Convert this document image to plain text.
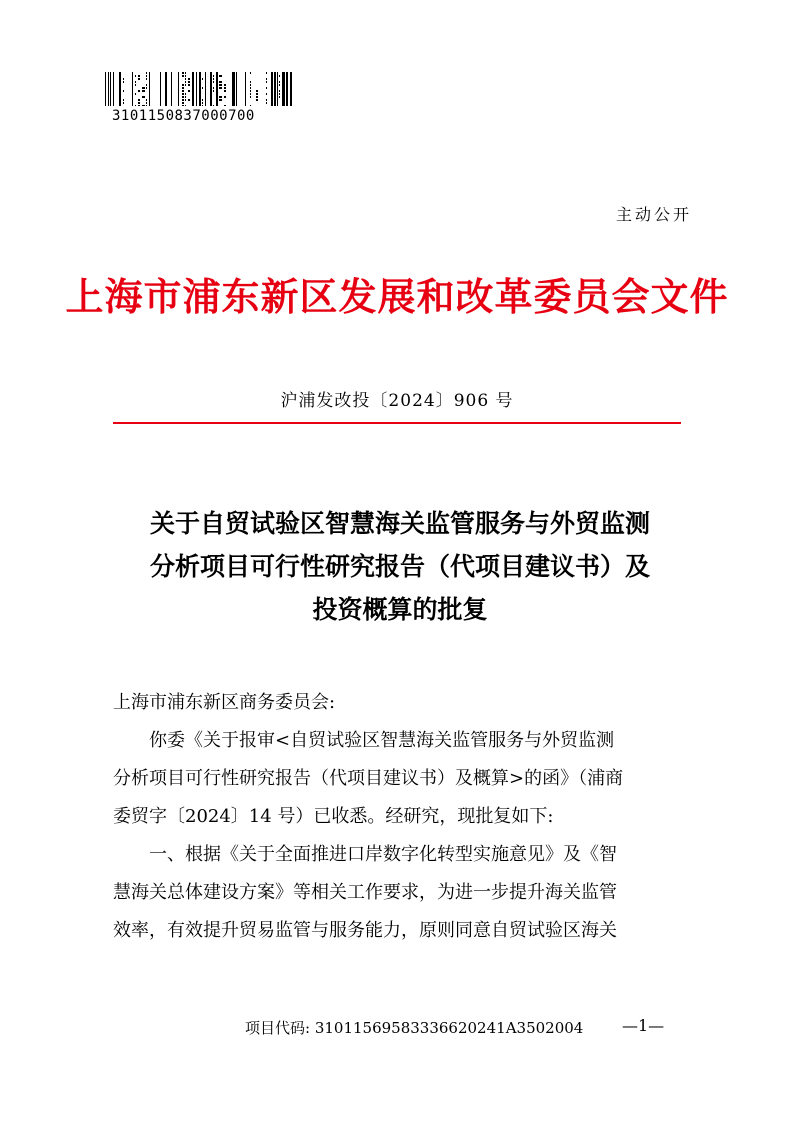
3101150837000700
主动公开
上海市浦东新区发展和改革委员会文件
沪浦发改投〔2024〕906 号
关于自贸试验区智慧海关监管服务与外贸监测
分析项目可行性研究报告（代项目建议书）及
投资概算的批复
上海市浦东新区商务委员会:
你委《关于报审<自贸试验区智慧海关监管服务与外贸监测
分析项目可行性研究报告（代项目建议书）及概算>的函》（浦商
委贸字〔2024〕14 号）已收悉。经研究，现批复如下:
一、根据《关于全面推进口岸数字化转型实施意见》及《智
慧海关总体建设方案》等相关工作要求，为进一步提升海关监管
效率，有效提升贸易监管与服务能力，原则同意自贸试验区海关
项目代码: 31011569583336620241A3502004 —1—
